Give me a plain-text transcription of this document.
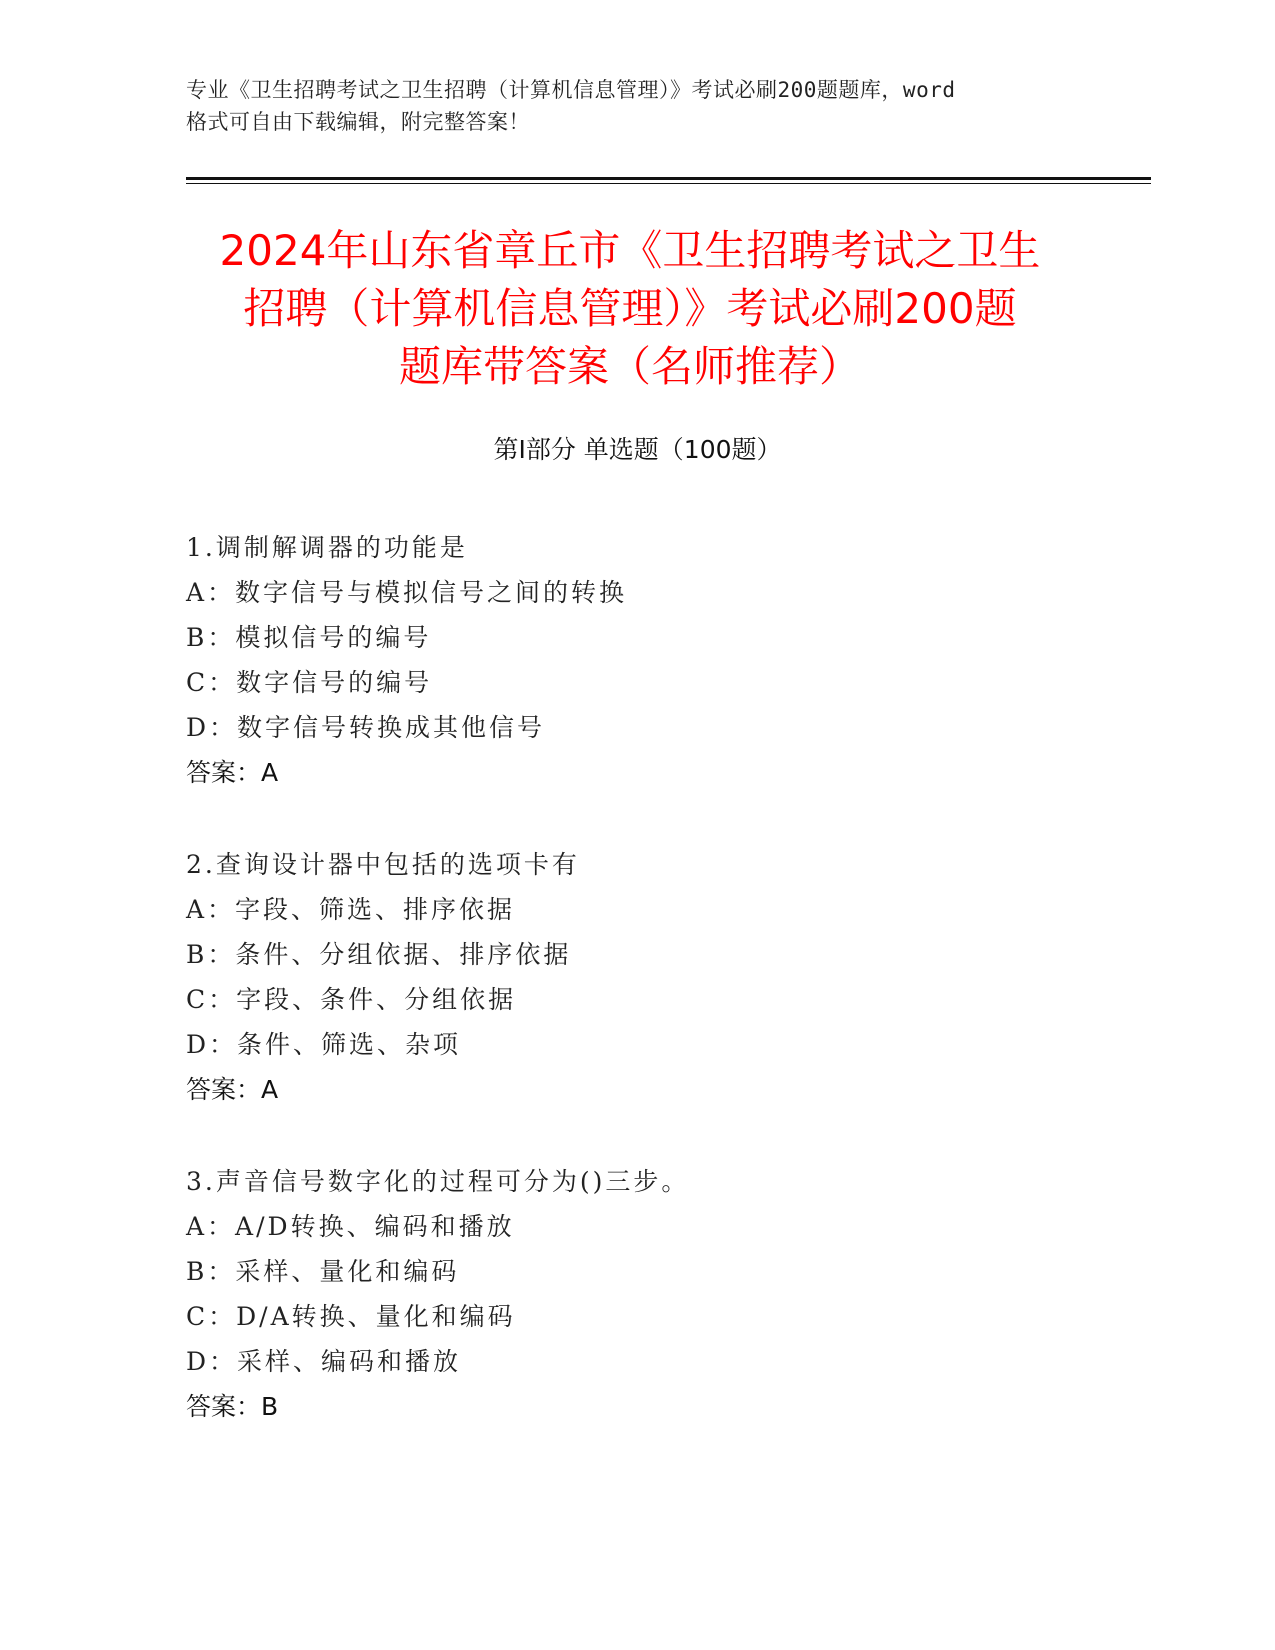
专业《卫生招聘考试之卫生招聘（计算机信息管理）》考试必刷200题题库，word
格式可自由下载编辑，附完整答案！
2024年山东省章丘市《卫生招聘考试之卫生
招聘（计算机信息管理）》考试必刷200题
题库带答案（名师推荐）
第I部分 单选题（100题）
1.调制解调器的功能是
A：数字信号与模拟信号之间的转换
B：模拟信号的编号
C：数字信号的编号
D：数字信号转换成其他信号
答案：A
2.查询设计器中包括的选项卡有
A：字段、筛选、排序依据
B：条件、分组依据、排序依据
C：字段、条件、分组依据
D：条件、筛选、杂项
答案：A
3.声音信号数字化的过程可分为()三步。
A：A/D转换、编码和播放
B：采样、量化和编码
C：D/A转换、量化和编码
D：采样、编码和播放
答案：B
